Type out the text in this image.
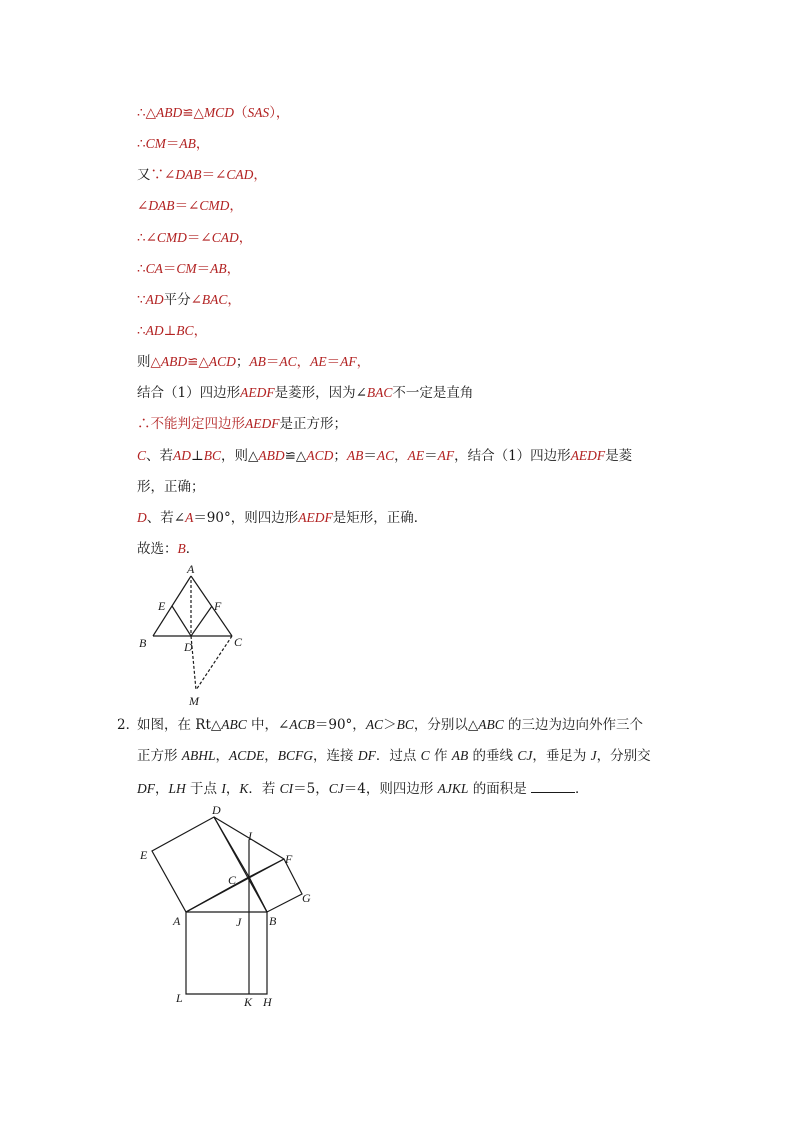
∴△ABD≌△MCD（SAS），
∴CM＝AB，
又∵∠DAB＝∠CAD，
∠DAB＝∠CMD，
∴∠CMD＝∠CAD，
∴CA＝CM＝AB，
∵AD平分∠BAC，
∴AD⊥BC，
则△ABD≌△ACD；AB＝AC，AE＝AF，
结合（1）四边形AEDF是菱形，因为∠BAC不一定是直角
∴不能判定四边形AEDF是正方形；
C、若AD⊥BC，则△ABD≌△ACD；AB＝AC，AE＝AF，结合（1）四边形AEDF是菱
形，正确；
D、若∠A＝90°，则四边形AEDF是矩形，正确．
故选：B．
A
E	F
B	D	C
M
2．
如图，在 Rt△ABC 中，∠ACB＝90°，AC＞BC，分别以△ABC 的三边为边向外作三个
正方形 ABHL，ACDE，BCFG，连接 DF．过点 C 作 AB 的垂线 CJ，垂足为 J，分别交
DF，LH 于点 I，K．若 CI＝5，CJ＝4，则四边形 AJKL 的面积是	．
D
I
E	F
C
G
A	J B
L	K H
